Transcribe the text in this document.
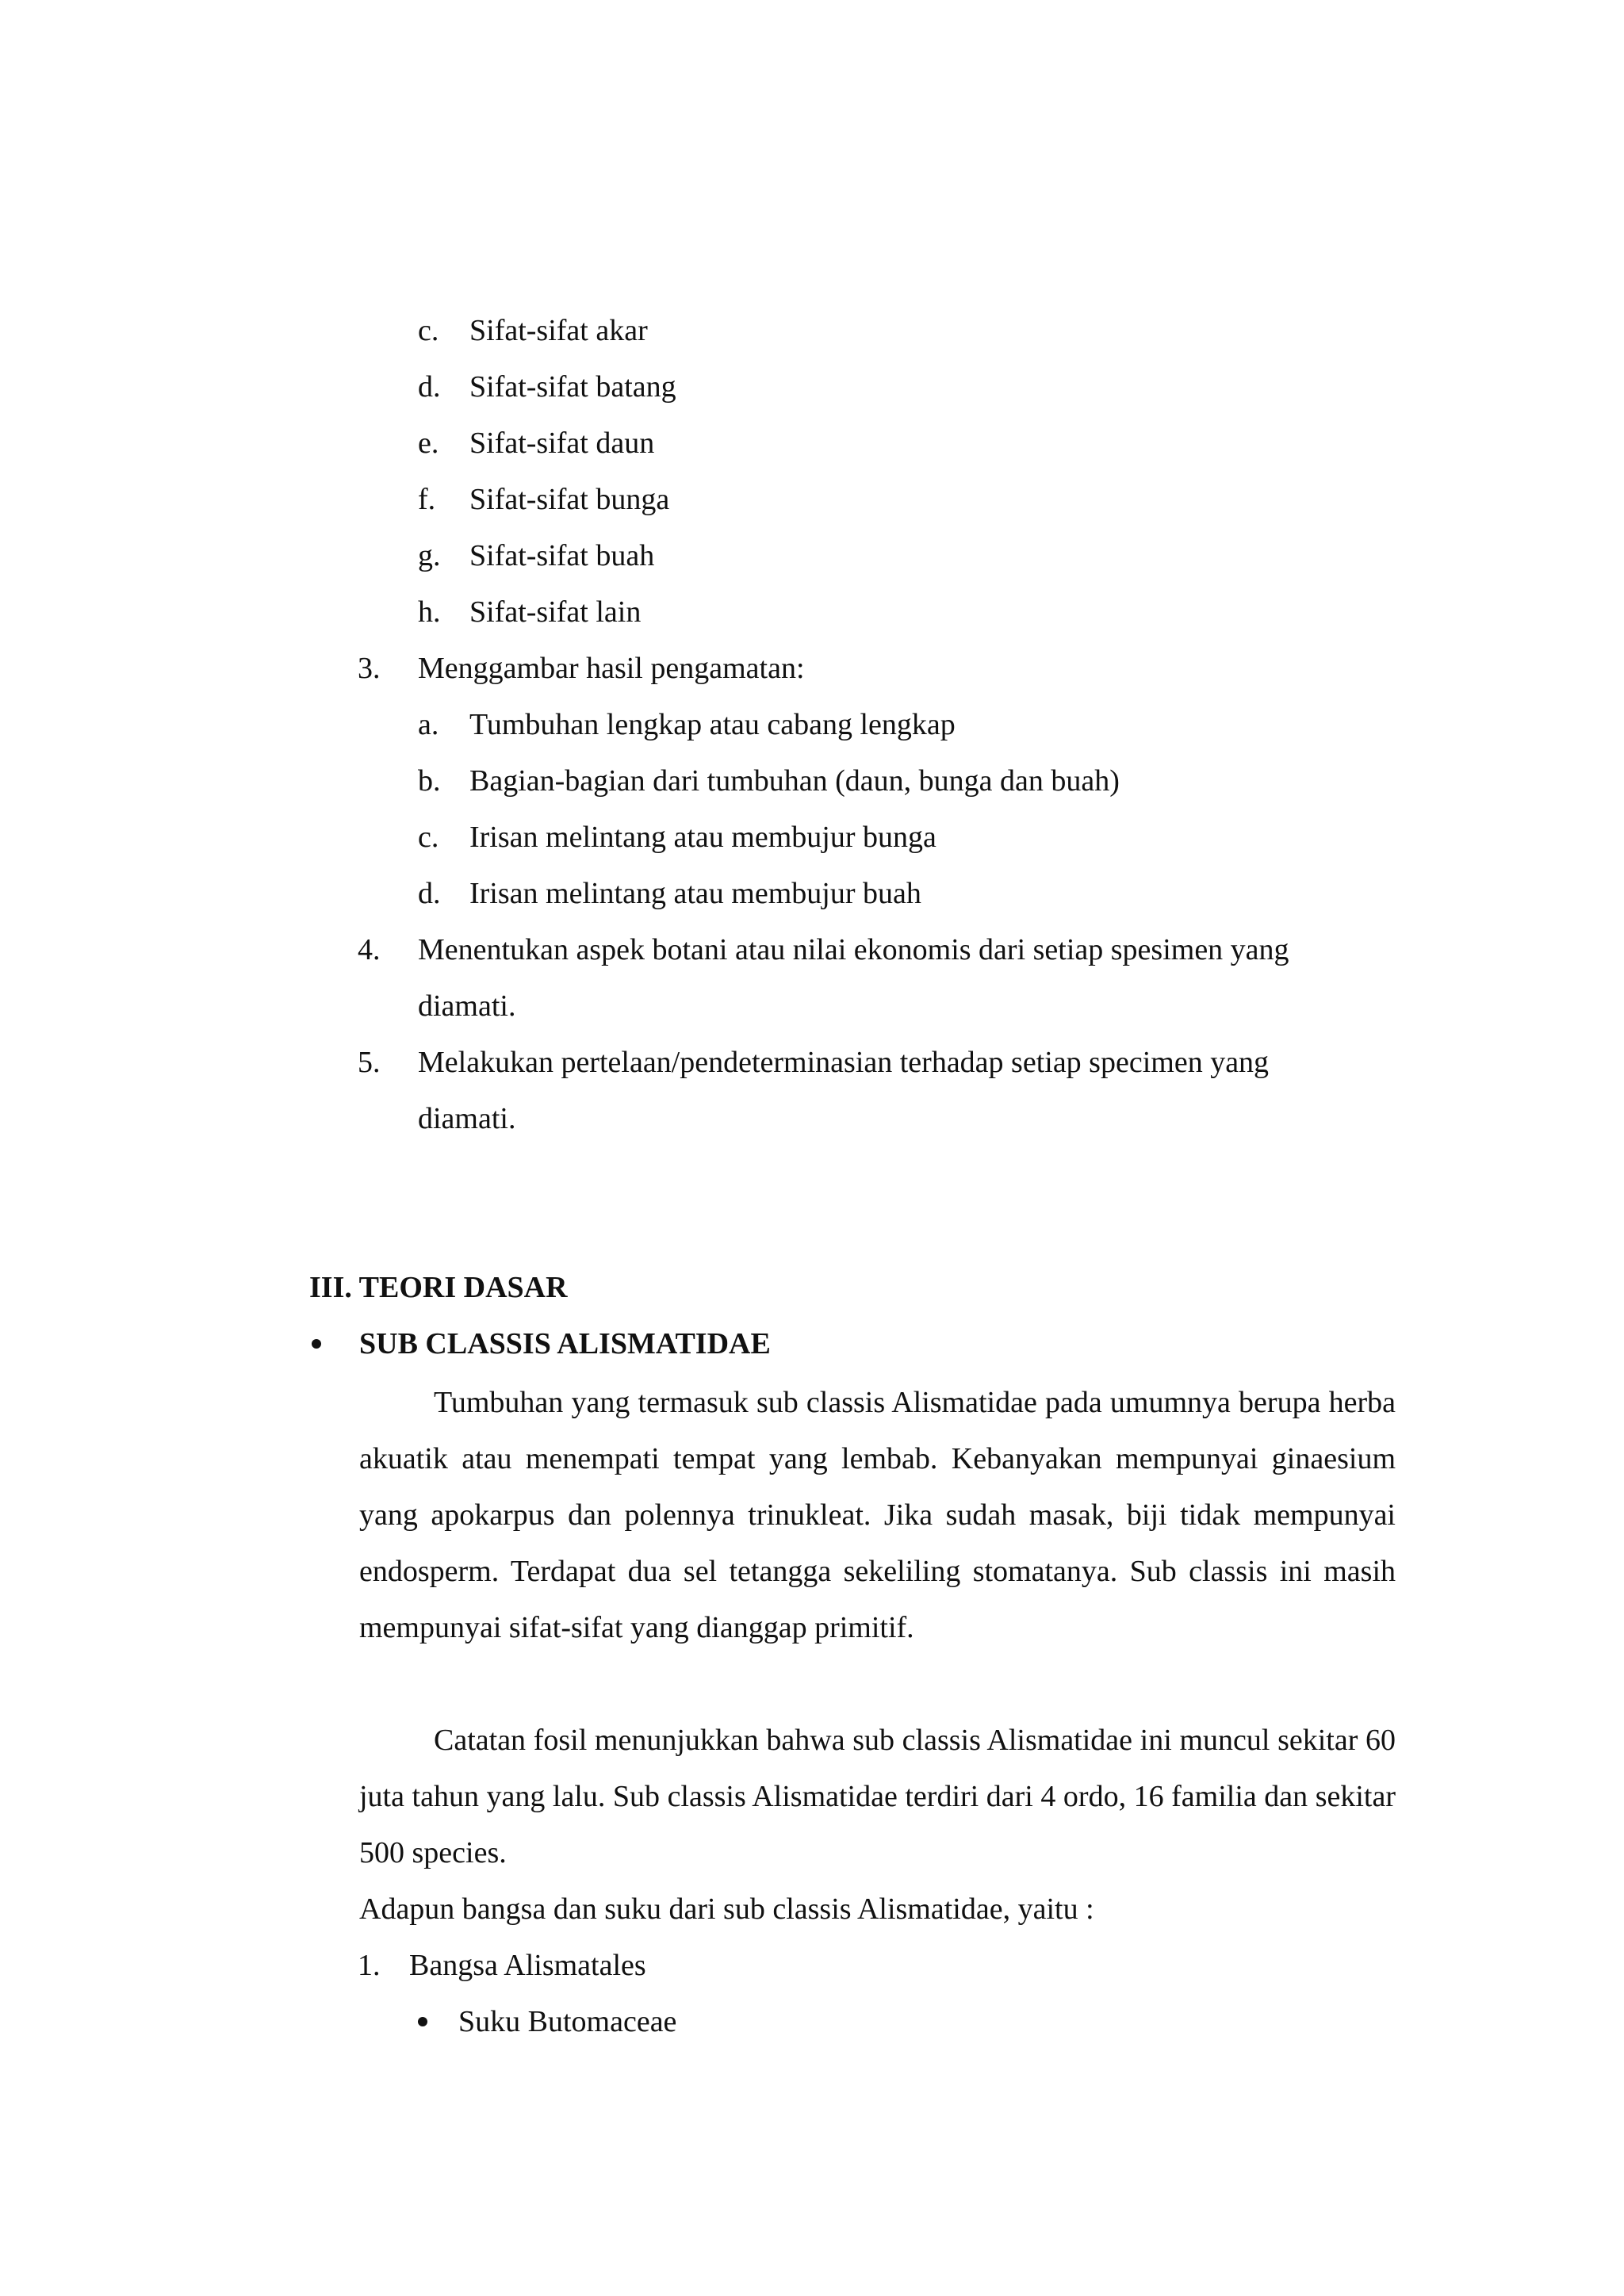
c. Sifat-sifat akar
d. Sifat-sifat batang
e. Sifat-sifat daun
f. Sifat-sifat bunga
g. Sifat-sifat buah
h. Sifat-sifat lain
3. Menggambar hasil pengamatan:
a. Tumbuhan lengkap atau cabang lengkap
b. Bagian-bagian dari tumbuhan (daun, bunga dan buah)
c. Irisan melintang atau membujur bunga
d. Irisan melintang atau membujur buah
4. Menentukan aspek botani atau nilai ekonomis dari setiap spesimen yang
diamati.
5. Melakukan pertelaan/pendeterminasian terhadap setiap specimen yang
diamati.
III. TEORI DASAR
SUB CLASSIS ALISMATIDAE

Tumbuhan yang termasuk sub classis Alismatidae pada umumnya berupa herba akuatik atau menempati tempat yang lembab. Kebanyakan mempunyai ginaesium yang apokarpus dan polennya trinukleat. Jika sudah masak, biji tidak mempunyai endosperm. Terdapat dua sel tetangga sekeliling stomatanya. Sub classis ini masih mempunyai sifat-sifat yang dianggap primitif.

Catatan fosil menunjukkan bahwa sub classis Alismatidae ini muncul sekitar 60 juta tahun yang lalu. Sub classis Alismatidae terdiri dari 4 ordo, 16 familia dan sekitar 500 species.

Adapun bangsa dan suku dari sub classis Alismatidae, yaitu :
1. Bangsa Alismatales
Suku Butomaceae
